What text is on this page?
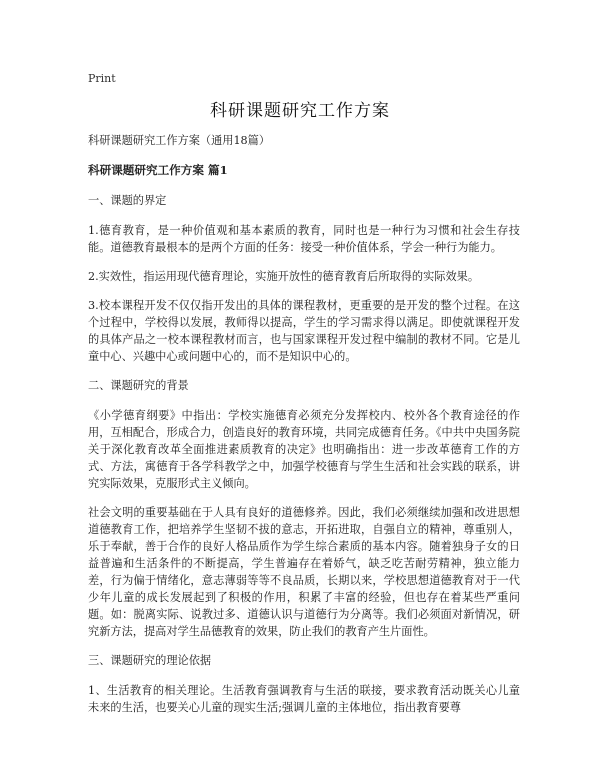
Print
科研课题研究工作方案

科研课题研究工作方案（通用18篇）

科研课题研究工作方案 篇1

一、课题的界定

1.德育教育，是一种价值观和基本素质的教育，同时也是一种行为习惯和社会生存技能。道德教育最根本的是两个方面的任务：接受一种价值体系，学会一种行为能力。

2.实效性，指运用现代德育理论，实施开放性的德育教育后所取得的实际效果。

3.校本课程开发不仅仅指开发出的具体的课程教材，更重要的是开发的整个过程。在这个过程中，学校得以发展，教师得以提高，学生的学习需求得以满足。即使就课程开发的具体产品之一校本课程教材而言，也与国家课程开发过程中编制的教材不同。它是儿童中心、兴趣中心或问题中心的，而不是知识中心的。

二、课题研究的背景

《小学德育纲要》中指出：学校实施德育必须充分发挥校内、校外各个教育途径的作用，互相配合，形成合力，创造良好的教育环境，共同完成德育任务。《中共中央国务院关于深化教育改革全面推进素质教育的决定》也明确指出：进一步改革德育工作的方式、方法，寓德育于各学科教学之中，加强学校德育与学生生活和社会实践的联系，讲究实际效果，克服形式主义倾向。

社会文明的重要基础在于人具有良好的道德修养。因此，我们必须继续加强和改进思想道德教育工作，把培养学生坚韧不拔的意志，开拓进取，自强自立的精神，尊重别人，乐于奉献，善于合作的良好人格品质作为学生综合素质的基本内容。随着独身子女的日益普遍和生活条件的不断提高，学生普遍存在着娇气，缺乏吃苦耐劳精神，独立能力差，行为偏于情绪化，意志薄弱等等不良品质，长期以来，学校思想道德教育对于一代少年儿童的成长发展起到了积极的作用，积累了丰富的经验，但也存在着某些严重问题。如：脱离实际、说教过多、道德认识与道德行为分离等。我们必须面对新情况，研究新方法，提高对学生品德教育的效果，防止我们的教育产生片面性。

三、课题研究的理论依据

1、生活教育的相关理论。生活教育强调教育与生活的联接，要求教育活动既关心儿童未来的生活，也要关心儿童的现实生活;强调儿童的主体地位，指出教育要尊
